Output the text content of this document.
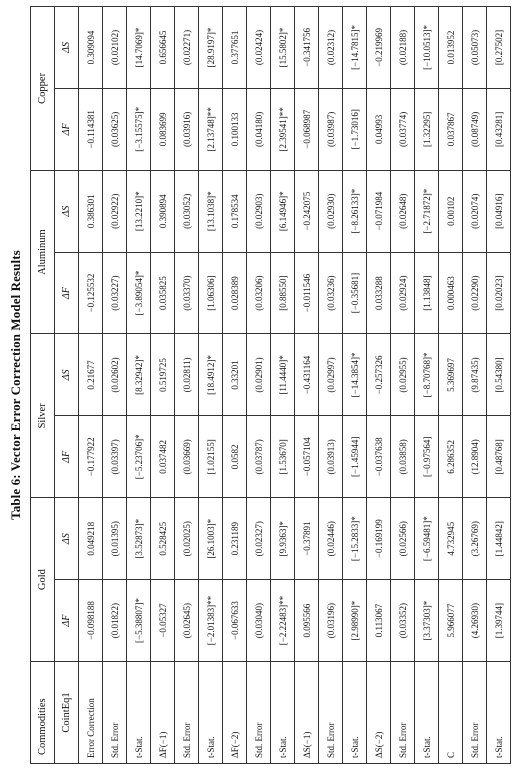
Table 6: Vector Error Correction Model Results
Commodities	Gold		Silver		Aluminum		Copper	
CointEq1	ΔF	ΔS	ΔF	ΔS	ΔF	ΔS	ΔF	ΔS
Error Correction	−0.098188	0.049218	−0.177922	0.21677	−0.125532	0.386301	−0.114381	0.309094
Std. Error	(0.01822)	(0.01395)	(0.03397)	(0.02602)	(0.03227)	(0.02922)	(0.03625)	(0.02102)
t-Stat.	[−5.38807]*	[3.52873]*	[−5.23706]*	[8.32942]*	[−3.89054]*	[13.2210]*	[−3.15575]*	[14.7069]*
ΔF(−1)	−0.05327	0.528425	0.037482	0.519725	0.035825	0.390894	0.083699	0.656645
Std. Error	(0.02645)	(0.02025)	(0.03669)	(0.02811)	(0.03370)	(0.03052)	(0.03916)	(0.02271)
t-Stat.	[−2.01383]**	[26.1003]*	[1.02155]	[18.4912]*	[1.06306]	[13.1038]*	[2.13748]**	[28.9197]*
ΔF(−2)	−0.067633	0.231189	0.0582	0.33201	0.028389	0.178534	0.100133	0.377651
Std. Error	(0.03040)	(0.02327)	(0.03787)	(0.02901)	(0.03206)	(0.02903)	(0.04180)	(0.02424)
t-Stat.	[−2.22483]**	[9.9363]*	[1.53670]	[11.4440]*	[0.88550]	[6.14946]*	[2.39541]**	[15.5802]*
ΔS(−1)	0.095566	−0.37891	−0.057104	−0.431164	−0.011546	−0.242075	−0.068987	−0.341756
Std. Error	(0.03196)	(0.02446)	(0.03913)	(0.02997)	(0.03236)	(0.02930)	(0.03987)	(0.02312)
t-Stat.	[2.98990]*	[−15.2833]*	[−1.45944]	[−14.3854]*	[−0.35681]	[−8.26133]*	[−1.73016]	[−14.7815]*
ΔS(−2)	0.113067	−0.169199	−0.037638	−0.257326	0.033288	−0.071984	0.04993	−0.219969
Std. Error	(0.03352)	(0.02566)	(0.03858)	(0.02955)	(0.02924)	(0.02648)	(0.03774)	(0.02188)
t-Stat.	[3.37303]*	[−6.59481]*	[−0.97564]	[−8.70768]*	[1.13848]	[−2.71872]*	[1.32295]	[−10.0513]*
C	5.966077	4.732945	6.286352	5.369697	0.000463	0.00102	0.037867	0.013952
Std. Error	(4.26930)	(3.26769)	(12.8904)	(9.87435)	(0.02290)	(0.02074)	(0.08749)	(0.05073)
t-Stat.	[1.39744]	[1.44842]	[0.48768]	[0.54380]	[0.02023]	[0.04916]	[0.43281]	[0.27502]
